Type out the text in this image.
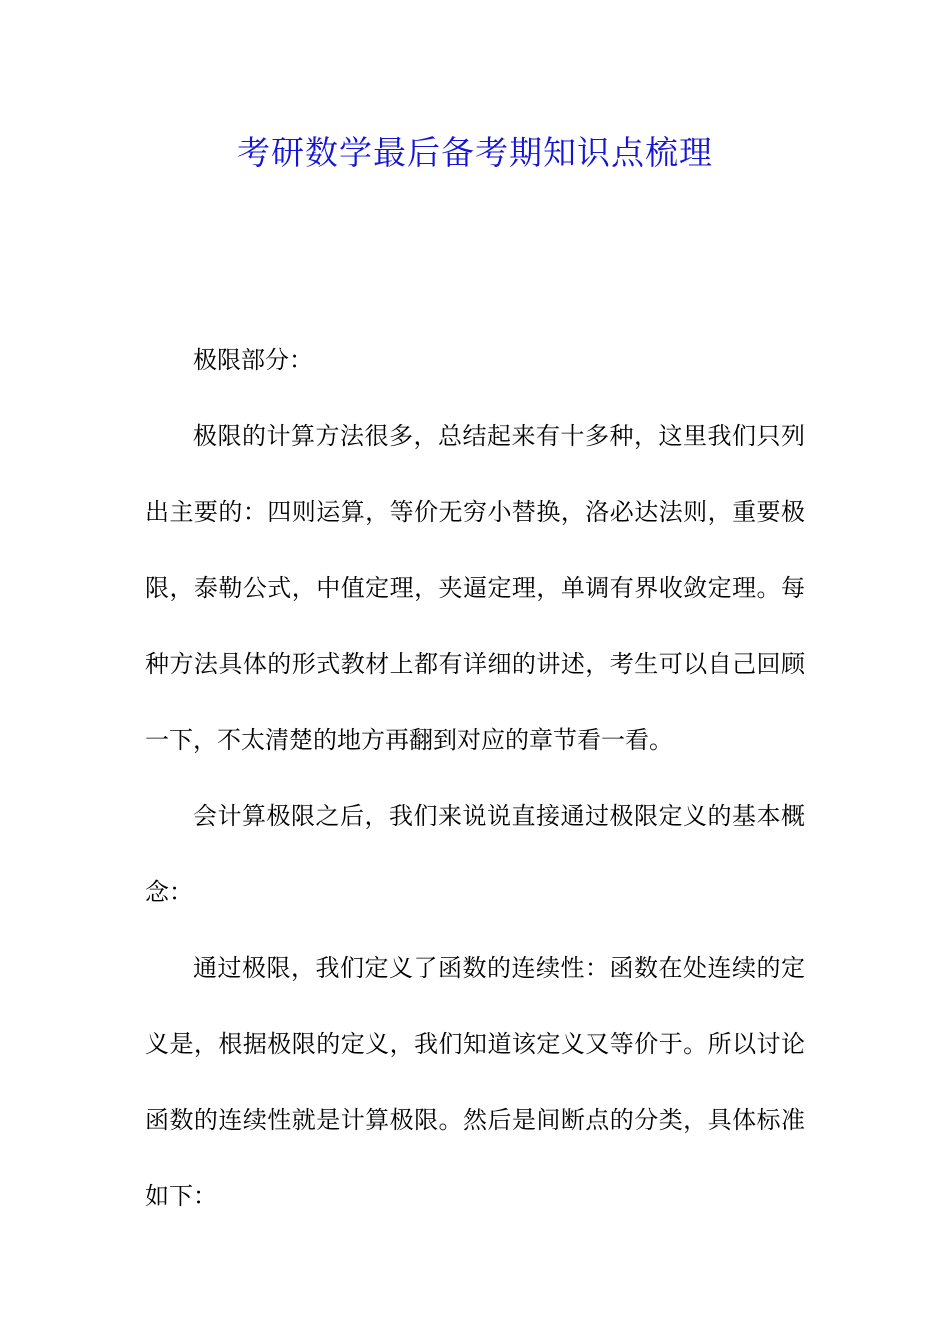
考研数学最后备考期知识点梳理

极限部分：

极限的计算方法很多，总结起来有十多种，这里我们只列出主要的：四则运算，等价无穷小替换，洛必达法则，重要极限，泰勒公式，中值定理，夹逼定理，单调有界收敛定理。每种方法具体的形式教材上都有详细的讲述，考生可以自己回顾一下，不太清楚的地方再翻到对应的章节看一看。

会计算极限之后，我们来说说直接通过极限定义的基本概念：

通过极限，我们定义了函数的连续性：函数在处连续的定义是，根据极限的定义，我们知道该定义又等价于。所以讨论函数的连续性就是计算极限。然后是间断点的分类，具体标准如下：
